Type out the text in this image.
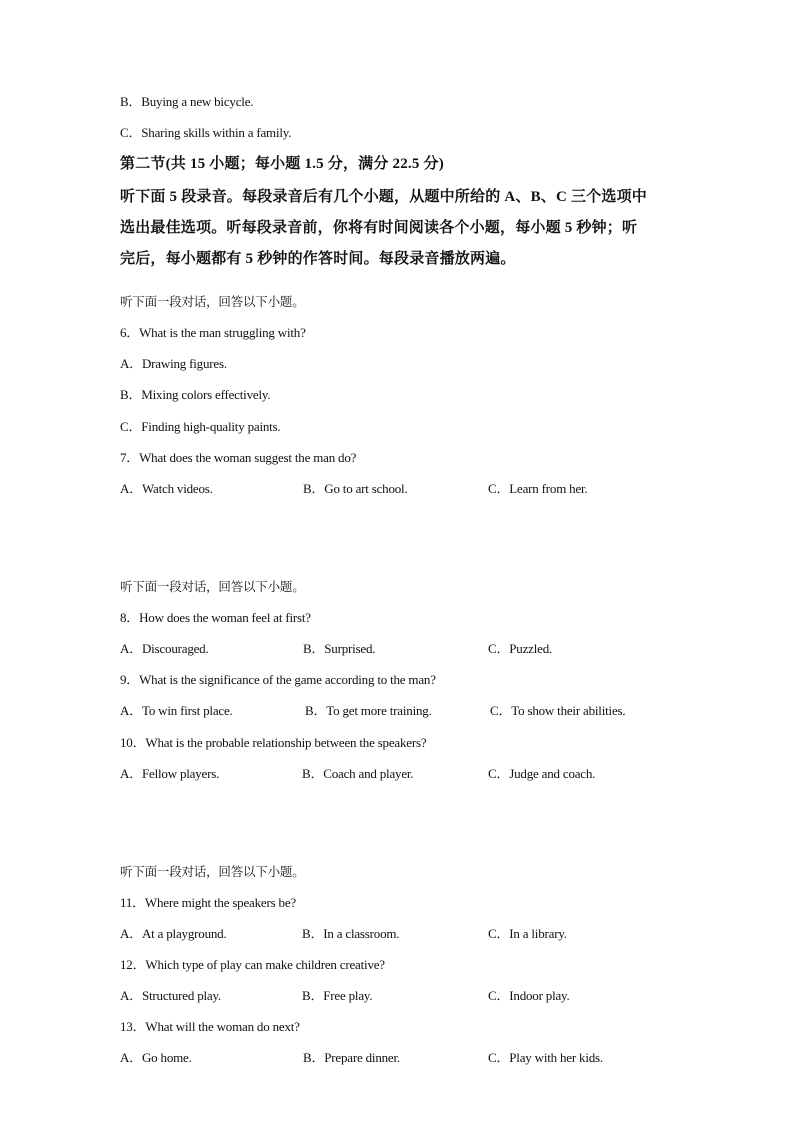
B．Buying a new bicycle.
C．Sharing skills within a family.
第二节(共 15 小题；每小题 1.5 分，满分 22.5 分)
听下面 5 段录音。每段录音后有几个小题，从题中所给的 A、B、C 三个选项中
选出最佳选项。听每段录音前，你将有时间阅读各个小题，每小题 5 秒钟；听
完后，每小题都有 5 秒钟的作答时间。每段录音播放两遍。
听下面一段对话，回答以下小题。
6．What is the man struggling with?
A．Drawing figures.
B．Mixing colors effectively.
C．Finding high-quality paints.
7．What does the woman suggest the man do?
A．Watch videos.	B．Go to art school.	C．Learn from her.
听下面一段对话，回答以下小题。
8．How does the woman feel at first?
A．Discouraged.	B．Surprised.	C．Puzzled.
9．What is the significance of the game according to the man?
A．To win first place.	B．To get more training.	C．To show their abilities.
10．What is the probable relationship between the speakers?
A．Fellow players.	B．Coach and player.	C．Judge and coach.
听下面一段对话，回答以下小题。
11．Where might the speakers be?
A．At a playground.	B．In a classroom.	C．In a library.
12．Which type of play can make children creative?
A．Structured play.	B．Free play.	C．Indoor play.
13．What will the woman do next?
A．Go home.	B．Prepare dinner.	C．Play with her kids.
